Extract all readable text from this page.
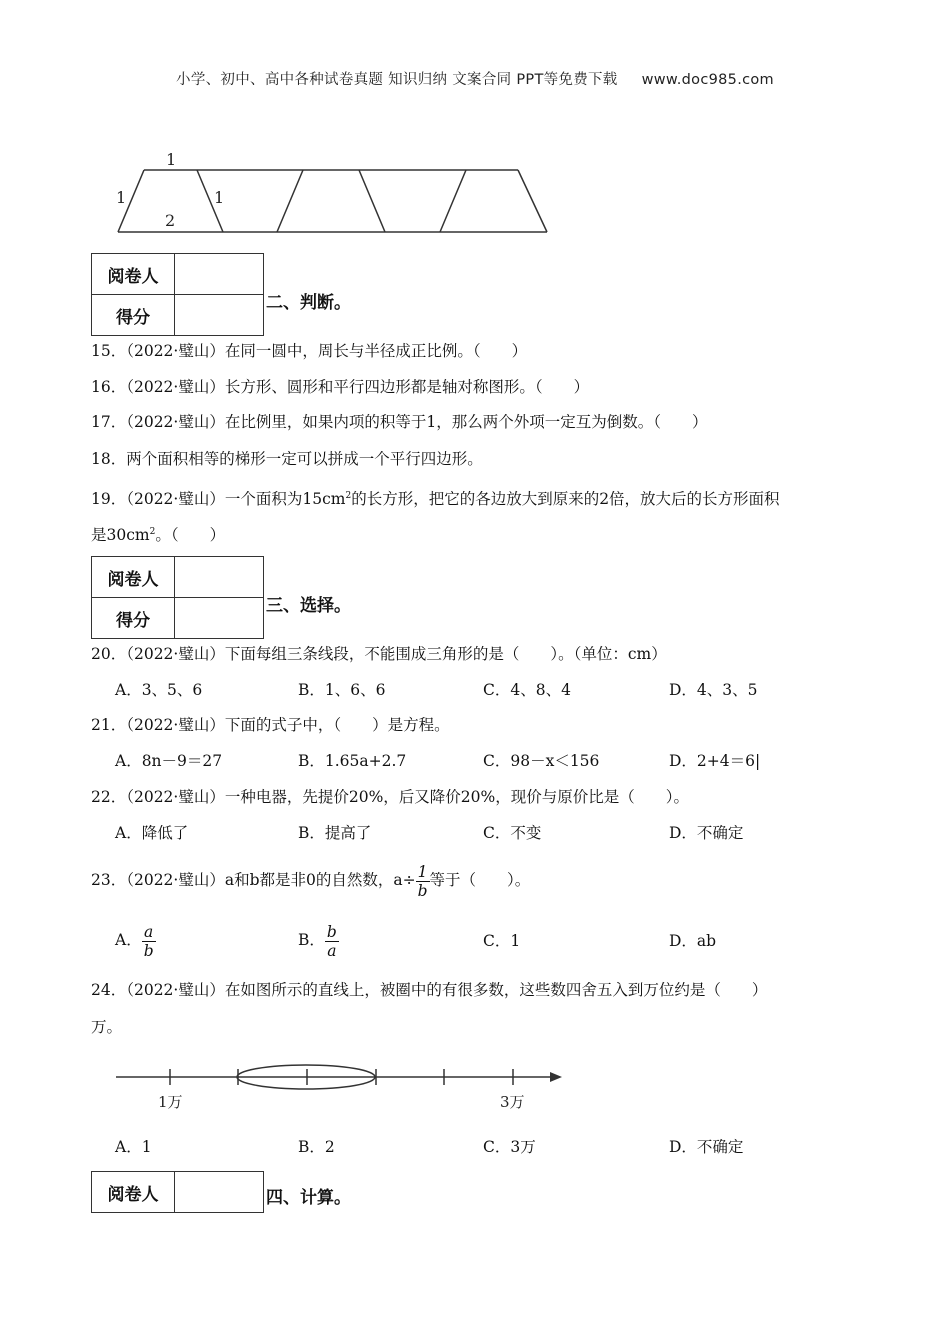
小学、初中、高中各种试卷真题 知识归纳 文案合同 PPT等免费下载 www.doc985.com
1
1	1
2
阅卷人	
得分	
二、判断。
15．（2022·璧山）在同一圆中，周长与半径成正比例。（　　）
16．（2022·璧山）长方形、圆形和平行四边形都是轴对称图形。（　　）
17．（2022·璧山）在比例里，如果内项的积等于1，那么两个外项一定互为倒数。（　　）
18．两个面积相等的梯形一定可以拼成一个平行四边形。
19．（2022·璧山）一个面积为$15cm^2$的长方形，把它的各边放大到原来的2倍，放大后的长方形面积
是$30cm^2$。（　　）
阅卷人	
得分	
三、选择。
20．（2022·璧山）下面每组三条线段，不能围成三角形的是（　　）。（单位：cm）
A．3、5、6	B．1、6、6	C．4、8、4	D．4、3、5
21．（2022·璧山）下面的式子中，（　　）是方程。
A．8n－9＝27	B．1.65a+2.7	C．98－x＜156	D．2+4＝6|
22．（2022·璧山）一种电器，先提价20%，后又降价20%，现价与原价比是（　　）。
A．降低了	B．提高了	C．不变	D．不确定
23．（2022·璧山）a和b都是非0的自然数，$a\div \frac{1}{b}$ 等于（　　）。
A． $\frac{a}{b}$	B． $\frac{b}{a}$	C．1	D．ab
24．（2022·璧山）在如图所示的直线上，被圈中的有很多数，这些数四舍五入到万位约是（　　）
万。
1万	3万
A．1	B．2	C．3万	D．不确定
阅卷人		四、计算。
